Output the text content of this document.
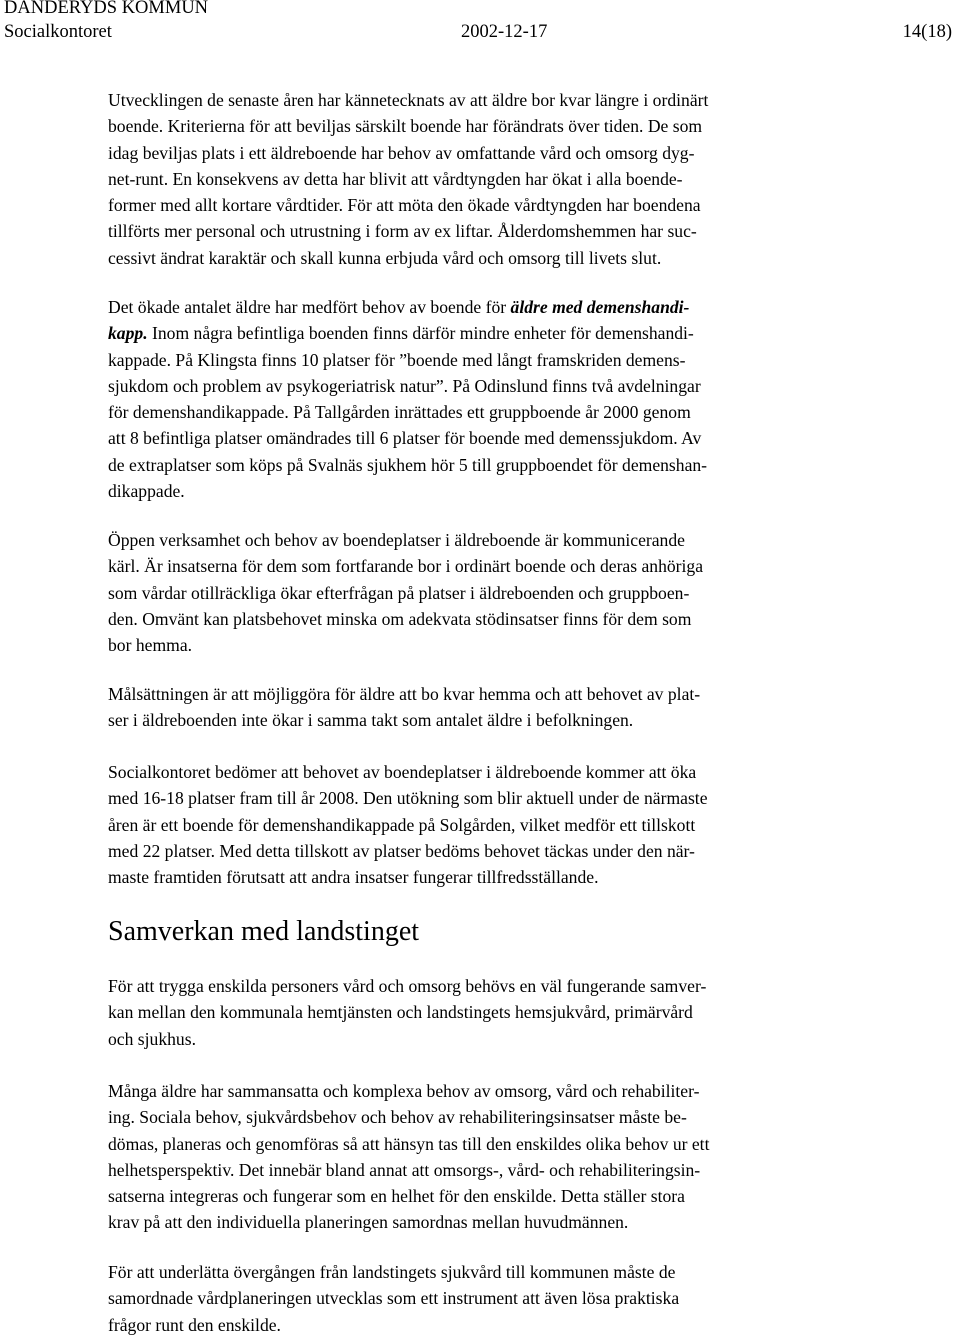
DANDERYDS KOMMUN
Socialkontoret	2002-12-17	14(18)

Utvecklingen de senaste åren har kännetecknats av att äldre bor kvar längre i ordinärt
boende. Kriterierna för att beviljas särskilt boende har förändrats över tiden. De som
idag beviljas plats i ett äldreboende har behov av omfattande vård och omsorg dyg-
net-runt. En konsekvens av detta har blivit att vårdtyngden har ökat i alla boende-
former med allt kortare vårdtider. För att möta den ökade vårdtyngden har boendena
tillförts mer personal och utrustning i form av ex liftar. Ålderdomshemmen har suc-
cessivt ändrat karaktär och skall kunna erbjuda vård och omsorg till livets slut.

Det ökade antalet äldre har medfört behov av boende för äldre med demenshandi-
kapp. Inom några befintliga boenden finns därför mindre enheter för demenshandi-
kappade. På Klingsta finns 10 platser för ”boende med långt framskriden demens-
sjukdom och problem av psykogeriatrisk natur”. På Odinslund finns två avdelningar
för demenshandikappade. På Tallgården inrättades ett gruppboende år 2000 genom
att 8 befintliga platser omändrades till 6 platser för boende med demenssjukdom. Av
de extraplatser som köps på Svalnäs sjukhem hör 5 till gruppboendet för demenshan-
dikappade.

Öppen verksamhet och behov av boendeplatser i äldreboende är kommunicerande
kärl. Är insatserna för dem som fortfarande bor i ordinärt boende och deras anhöriga
som vårdar otillräckliga ökar efterfrågan på platser i äldreboenden och gruppboen-
den. Omvänt kan platsbehovet minska om adekvata stödinsatser finns för dem som
bor hemma.

Målsättningen är att möjliggöra för äldre att bo kvar hemma och att behovet av plat-
ser i äldreboenden inte ökar i samma takt som antalet äldre i befolkningen.

Socialkontoret bedömer att behovet av boendeplatser i äldreboende kommer att öka
med 16-18 platser fram till år 2008. Den utökning som blir aktuell under de närmaste
åren är ett boende för demenshandikappade på Solgården, vilket medför ett tillskott
med 22 platser. Med detta tillskott av platser bedöms behovet täckas under den när-
maste framtiden förutsatt att andra insatser fungerar tillfredsställande.

För att trygga enskilda personers vård och omsorg behövs en väl fungerande samver-
kan mellan den kommunala hemtjänsten och landstingets hemsjukvård, primärvård
och sjukhus.

Många äldre har sammansatta och komplexa behov av omsorg, vård och rehabiliter-
ing. Sociala behov, sjukvårdsbehov och behov av rehabiliteringsinsatser måste be-
dömas, planeras och genomföras så att hänsyn tas till den enskildes olika behov ur ett
helhetsperspektiv. Det innebär bland annat att omsorgs-, vård- och rehabiliteringsin-
satserna integreras och fungerar som en helhet för den enskilde. Detta ställer stora
krav på att den individuella planeringen samordnas mellan huvudmännen.

För att underlätta övergången från landstingets sjukvård till kommunen måste de
samordnade vårdplaneringen utvecklas som ett instrument att även lösa praktiska
frågor runt den enskilde.

Samverkan med landstinget
